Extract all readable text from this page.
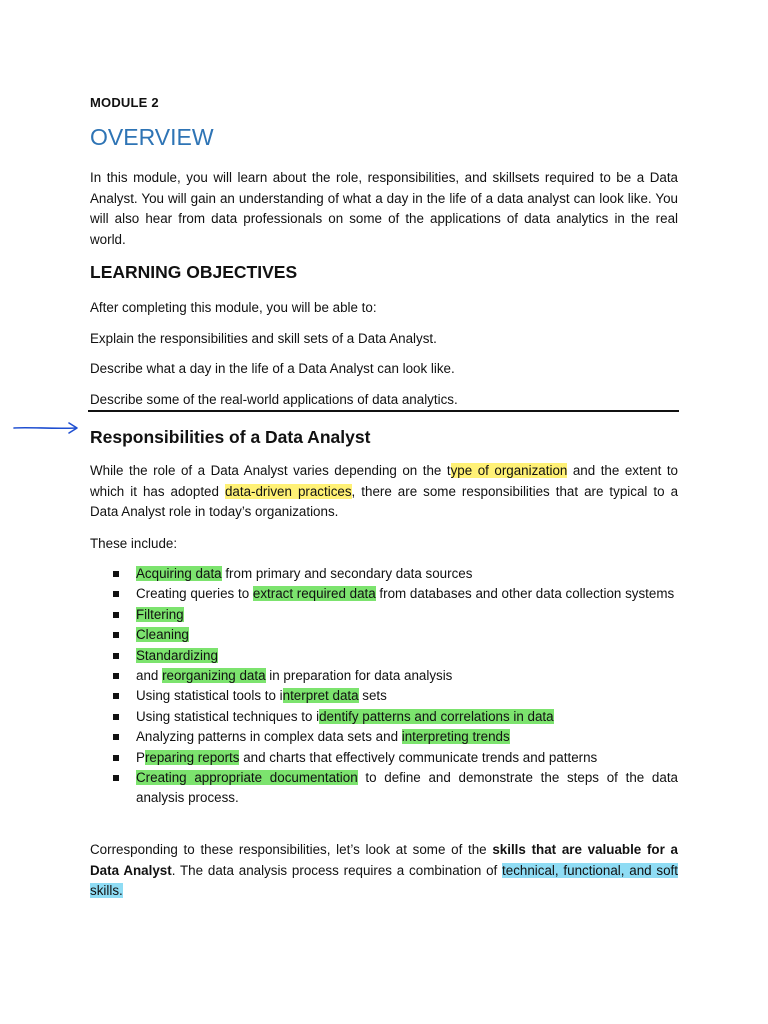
MODULE 2
OVERVIEW

In this module, you will learn about the role, responsibilities, and skillsets required to be a Data Analyst. You will gain an understanding of what a day in the life of a data analyst can look like. You will also hear from data professionals on some of the applications of data analytics in the real world.

LEARNING OBJECTIVES
After completing this module, you will be able to:
Explain the responsibilities and skill sets of a Data Analyst.
Describe what a day in the life of a Data Analyst can look like.
Describe some of the real-world applications of data analytics.
Responsibilities of a Data Analyst

While the role of a Data Analyst varies depending on the type of organization and the extent to which it has adopted data-driven practices, there are some responsibilities that are typical to a Data Analyst role in today’s organizations.

These include:
Acquiring data from primary and secondary data sources
Creating queries to extract required data from databases and other data collection systems
Filtering
Cleaning
Standardizing
and reorganizing data in preparation for data analysis
Using statistical tools to interpret data sets
Using statistical techniques to identify patterns and correlations in data
Analyzing patterns in complex data sets and interpreting trends
Preparing reports and charts that effectively communicate trends and patterns
Creating appropriate documentation to define and demonstrate the steps of the data analysis process.

Corresponding to these responsibilities, let’s look at some of the skills that are valuable for a Data Analyst. The data analysis process requires a combination of technical, functional, and soft skills.
